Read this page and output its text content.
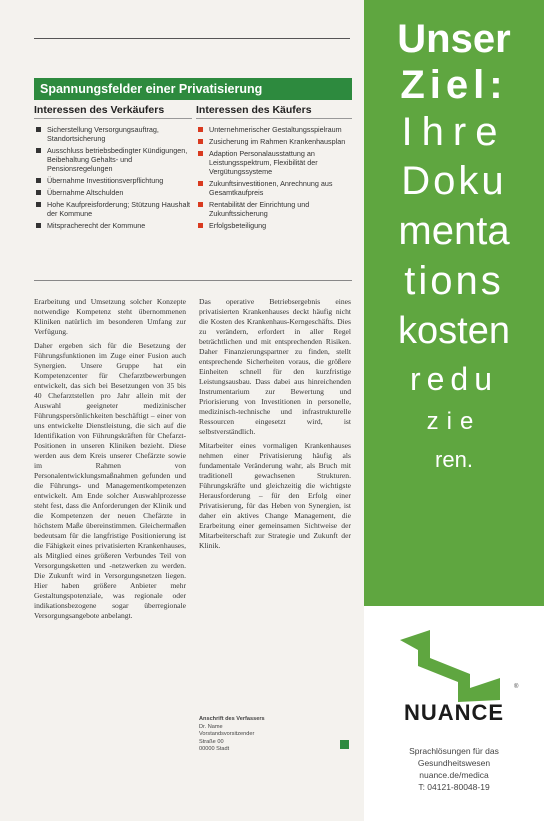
Spannungsfelder einer Privatisierung
Interessen des Verkäufers
Sicherstellung Versorgungsauftrag, Standortsicherung
Ausschluss betriebsbedingter Kündigungen, Beibehaltung Gehalts- und Pensionsregelungen
Übernahme Investitionsverpflichtung
Übernahme Altschulden
Hohe Kaufpreisforderung; Stützung Haushalt der Kommune
Mitspracherecht der Kommune
Interessen des Käufers
Unternehmerischer Gestaltungsspielraum
Zusicherung im Rahmen Krankenhausplan
Adaption Personalausstattung an Leistungsspektrum, Flexibilität der Vergütungssysteme
Zukunftsinvestitionen, Anrechnung aus Gesamtkaufpreis
Rentabilität der Einrichtung und Zukunftssicherung
Erfolgsbeteiligung

Erarbeitung und Umsetzung solcher Konzepte notwendige Kompetenz steht übernommenen Kliniken natürlich im besonderen Umfang zur Verfügung.

Daher ergeben sich für die Besetzung der Führungsfunktionen im Zuge einer Fusion auch Synergien. Unsere Gruppe hat ein Kompetenzcenter für Chefarztbewerbungen entwickelt, das sich bei Besetzungen von 35 bis 40 Chefarztstellen pro Jahr allein mit der Auswahl geeigneter medizinischer Führungspersönlichkeiten beschäftigt – einer von uns entwickelte Dienstleistung, die sich auf die Identifikation von Führungskräften für Chefarzt-Positionen in unseren Kliniken bezieht. Diese werden aus dem Kreis unserer Chefärzte sowie im Rahmen von Personalentwicklungsmaßnahmen gefunden und die Führungs- und Managementkompetenzen entwickelt. Am Ende solcher Auswahlprozesse steht fest, dass die Anforderungen der Klinik und die Kompetenzen der neuen Chefärzte in höchstem Maße übereinstimmen. Gleichermaßen bedeutsam für die langfristige Positionierung ist die Fähigkeit eines privatisierten Krankenhauses, als Mitglied eines größeren Verbundes Teil von Versorgungsketten und -netzwerken zu werden. Die Zukunft wird in Versorgungsnetzen liegen. Hier haben größere Anbieter mehr Gestaltungspotenziale, was regionale oder indikationsbezogene sogar überregionale Versorgungsangebote anbelangt.

Das operative Betriebsergebnis eines privatisierten Krankenhauses deckt häufig nicht die Kosten des Krankenhaus-Kerngeschäfts. Dies zu verändern, erfordert in aller Regel beträchtlichen und mit entsprechenden Risiken. Daher Finanzierungspartner zu finden, stellt entsprechende Sicherheiten voraus, die größere Einheiten schnell für den kurzfristige Leistungsausbau. Dass dabei aus hinreichenden Instrumentarium zur Bewertung und Priorisierung von Investitionen in personelle, medizinisch-technische und infrastrukturelle Ressourcen eingesetzt wird, ist selbstverständlich.

Mitarbeiter eines vormaligen Krankenhauses nehmen einer Privatisierung häufig als fundamentale Veränderung wahr, als Bruch mit traditionell gewachsenen Strukturen. Führungskräfte und gleichzeitig die wichtigste Herausforderung – für den Erfolg einer Privatisierung, für das Heben von Synergien, ist daher ein aktives Change Management, die Erarbeitung einer gemeinsamen Sichtweise der Mitarbeiterschaft zur Strategie und Zukunft der Klinik.

Anschrift des Verfassers
Dr. Name
Vorstandsvorsitzender
Straße 00
00000 Stadt
Unser
Ziel:
Ihre
Doku
menta
tions
kosten
redu
zie
ren.
®
NUANCE
Sprachlösungen für das
Gesundheitswesen
nuance.de/medica
T: 04121-80048-19
